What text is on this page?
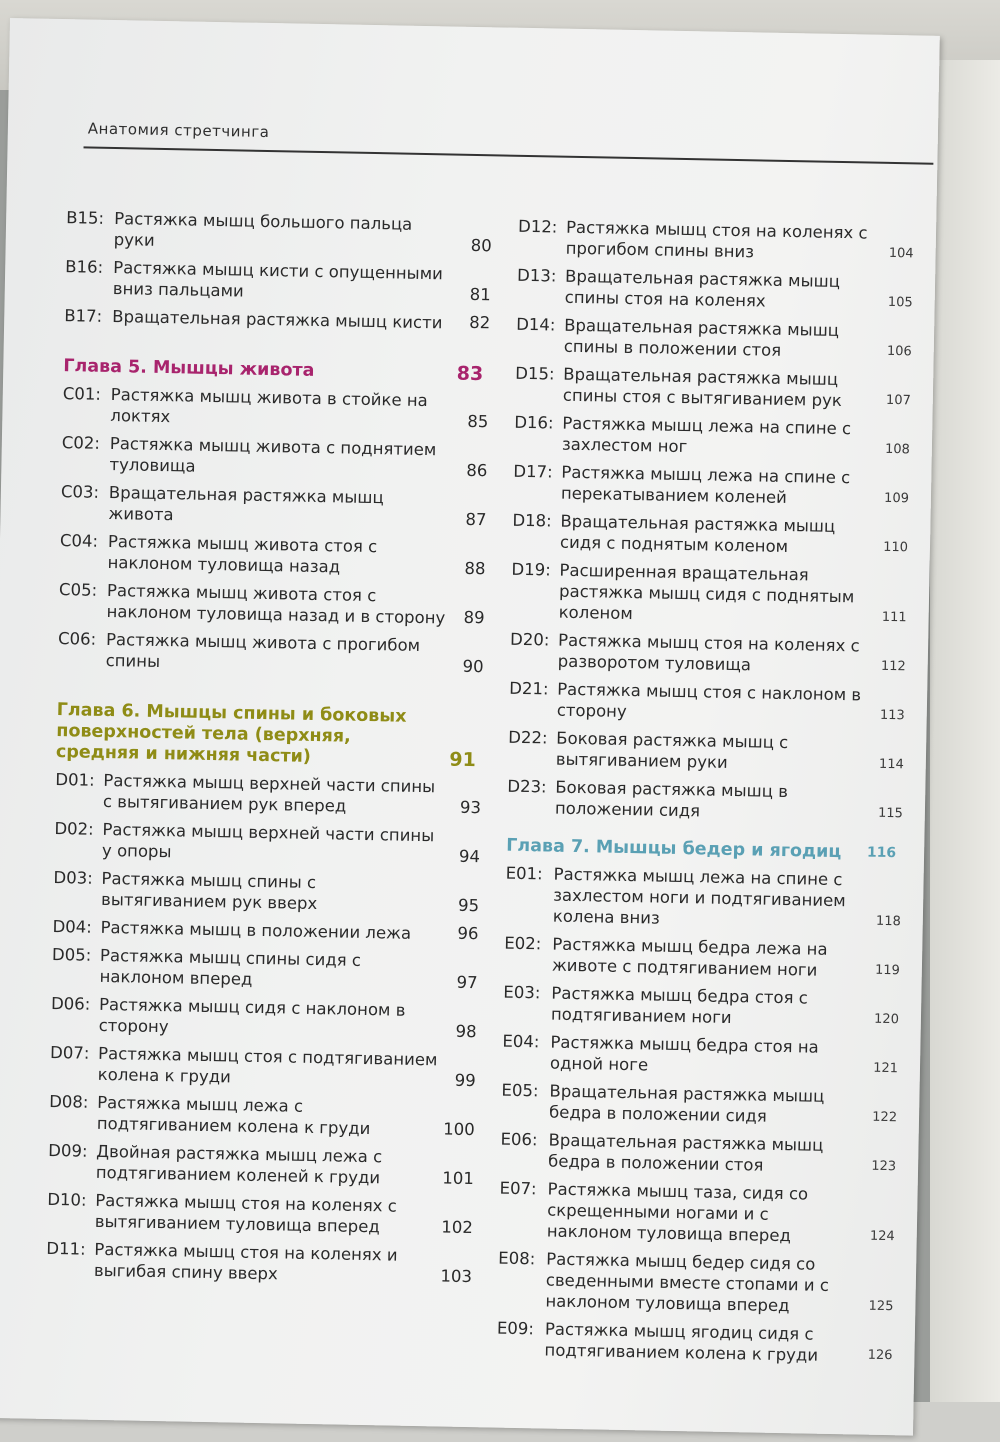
Анатомия стретчинга
B15: Растяжка мышц большого пальца руки	80
B16: Растяжка мышц кисти с опущенными вниз пальцами	81
B17: Вращательная растяжка мышц кисти 82
Глава 5. Мышцы живота	83
C01: Растяжка мышц живота в стойке на локтях	85
C02: Растяжка мышц живота с поднятием туловища	86
C03: Вращательная растяжка мышц живота	87
C04: Растяжка мышц живота стоя с наклоном туловища назад	88
C05: Растяжка мышц живота стоя с наклоном туловища назад и в сторону 89
C06: Растяжка мышц живота с прогибом спины	90
Глава 6. Мышцы спины и боковых поверхностей тела (верхняя, средняя и нижняя части)	91
D01: Растяжка мышц верхней части спины с вытягиванием рук вперед	93
D02: Растяжка мышц верхней части спины у опоры	94
D03: Растяжка мышц спины с вытягиванием рук вверх	95
D04: Растяжка мышц в положении лежа	96
D05: Растяжка мышц спины сидя с наклоном вперед	97
D06: Растяжка мышц сидя с наклоном в сторону	98
D07: Растяжка мышц стоя с подтягиванием колена к груди	99
D08: Растяжка мышц лежа с подтягиванием колена к груди	100
D09: Двойная растяжка мышц лежа с подтягиванием коленей к груди	101
D10: Растяжка мышц стоя на коленях с вытягиванием туловища вперед	102
D11: Растяжка мышц стоя на коленях и выгибая спину вверх	103
D12: Растяжка мышц стоя на коленях с прогибом спины вниз	104
D13: Вращательная растяжка мышц спины стоя на коленях	105
D14: Вращательная растяжка мышц спины в положении стоя	106
D15: Вращательная растяжка мышц спины стоя с вытягиванием рук	107
D16: Растяжка мышц лежа на спине с захлестом ног	108
D17: Растяжка мышц лежа на спине с перекатыванием коленей	109
D18: Вращательная растяжка мышц сидя с поднятым коленом	110
D19: Расширенная вращательная растяжка мышц сидя с поднятым коленом	111
D20: Растяжка мышц стоя на коленях с разворотом туловища	112
D21: Растяжка мышц стоя с наклоном в сторону	113
D22: Боковая растяжка мышц с вытягиванием руки	114
D23: Боковая растяжка мышц в положении сидя	115
Глава 7. Мышцы бедер и ягодиц 116
E01: Растяжка мышц лежа на спине с захлестом ноги и подтягиванием колена вниз	118
E02: Растяжка мышц бедра лежа на животе с подтягиванием ноги	119
E03: Растяжка мышц бедра стоя с подтягиванием ноги	120
E04: Растяжка мышц бедра стоя на одной ноге	121
E05: Вращательная растяжка мышц бедра в положении сидя	122
E06: Вращательная растяжка мышц бедра в положении стоя	123
E07: Растяжка мышц таза, сидя со скрещенными ногами и с наклоном туловища вперед	124
E08: Растяжка мышц бедер сидя со сведенными вместе стопами и с наклоном туловища вперед	125
E09: Растяжка мышц ягодиц сидя с подтягиванием колена к груди	126
